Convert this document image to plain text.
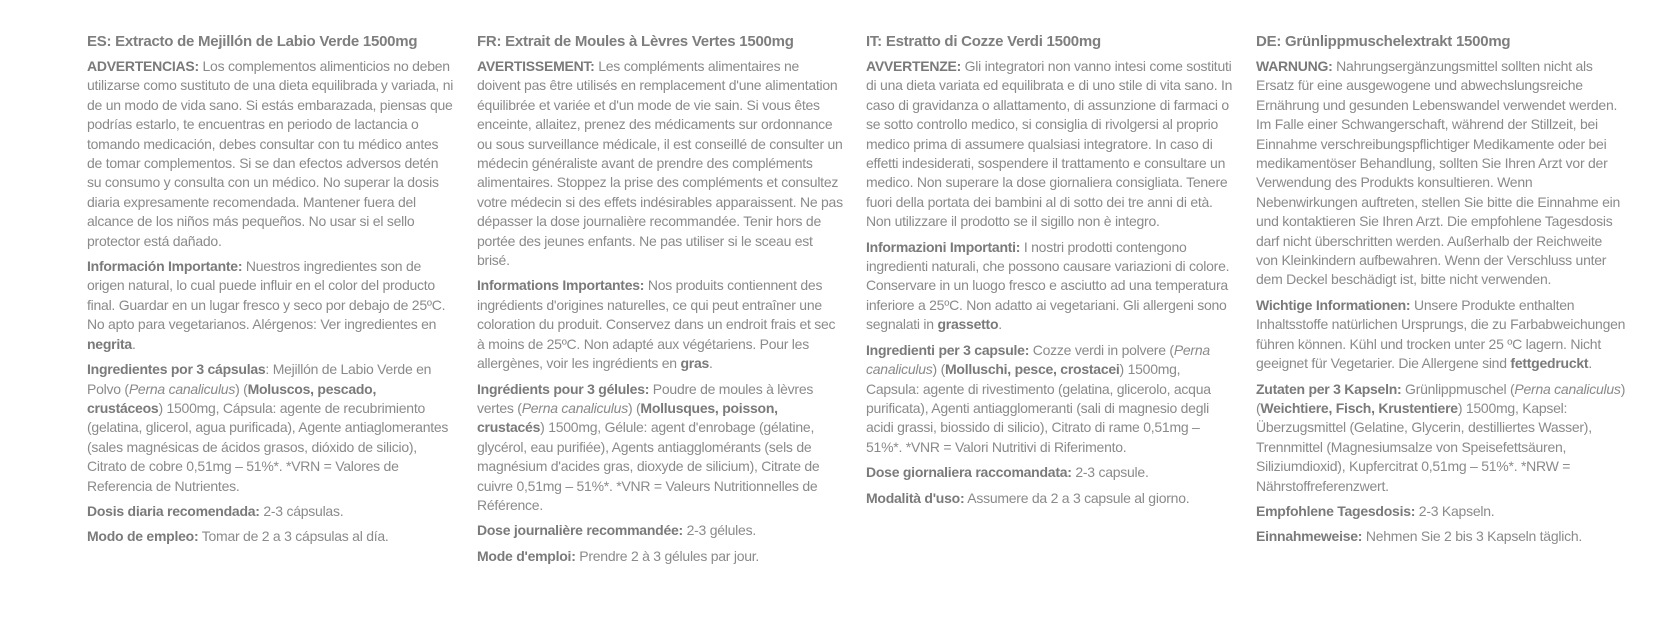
ES: Extracto de Mejillón de Labio Verde 1500mg
ADVERTENCIAS: Los complementos alimenticios no deben utilizarse como sustituto de una dieta equilibrada y variada, ni de un modo de vida sano. Si estás embarazada, piensas que podrías estarlo, te encuentras en periodo de lactancia o tomando medicación, debes consultar con tu médico antes de tomar complementos. Si se dan efectos adversos detén su consumo y consulta con un médico. No superar la dosis diaria expresamente recomendada. Mantener fuera del alcance de los niños más pequeños. No usar si el sello protector está dañado.
Información Importante: Nuestros ingredientes son de origen natural, lo cual puede influir en el color del producto final. Guardar en un lugar fresco y seco por debajo de 25ºC. No apto para vegetarianos. Alérgenos: Ver ingredientes en negrita.
Ingredientes por 3 cápsulas: Mejillón de Labio Verde en Polvo (Perna canaliculus) (Moluscos, pescado, crustáceos) 1500mg, Cápsula: agente de recubrimiento (gelatina, glicerol, agua purificada), Agente antiaglomerantes (sales magnésicas de ácidos grasos, dióxido de silicio), Citrato de cobre 0,51mg – 51%*. *VRN = Valores de Referencia de Nutrientes.
Dosis diaria recomendada: 2-3 cápsulas.
Modo de empleo: Tomar de 2 a 3 cápsulas al día.
FR: Extrait de Moules à Lèvres Vertes 1500mg
AVERTISSEMENT: Les compléments alimentaires ne doivent pas être utilisés en remplacement d'une alimentation équilibrée et variée et d'un mode de vie sain. Si vous êtes enceinte, allaitez, prenez des médicaments sur ordonnance ou sous surveillance médicale, il est conseillé de consulter un médecin généraliste avant de prendre des compléments alimentaires. Stoppez la prise des compléments et consultez votre médecin si des effets indésirables apparaissent. Ne pas dépasser la dose journalière recommandée. Tenir hors de portée des jeunes enfants. Ne pas utiliser si le sceau est brisé.
Informations Importantes: Nos produits contiennent des ingrédients d'origines naturelles, ce qui peut entraîner une coloration du produit. Conservez dans un endroit frais et sec à moins de 25ºC. Non adapté aux végétariens. Pour les allergènes, voir les ingrédients en gras.
Ingrédients pour 3 gélules: Poudre de moules à lèvres vertes (Perna canaliculus) (Mollusques, poisson, crustacés) 1500mg, Gélule: agent d'enrobage (gélatine, glycérol, eau purifiée), Agents antiagglomérants (sels de magnésium d'acides gras, dioxyde de silicium), Citrate de cuivre 0,51mg – 51%*. *VNR = Valeurs Nutritionnelles de Référence.
Dose journalière recommandée: 2-3 gélules.
Mode d'emploi: Prendre 2 à 3 gélules par jour.
IT: Estratto di Cozze Verdi 1500mg
AVVERTENZE: Gli integratori non vanno intesi come sostituti di una dieta variata ed equilibrata e di uno stile di vita sano. In caso di gravidanza o allattamento, di assunzione di farmaci o se sotto controllo medico, si consiglia di rivolgersi al proprio medico prima di assumere qualsiasi integratore. In caso di effetti indesiderati, sospendere il trattamento e consultare un medico. Non superare la dose giornaliera consigliata. Tenere fuori della portata dei bambini al di sotto dei tre anni di età. Non utilizzare il prodotto se il sigillo non è integro.
Informazioni Importanti: I nostri prodotti contengono ingredienti naturali, che possono causare variazioni di colore. Conservare in un luogo fresco e asciutto ad una temperatura inferiore a 25ºC. Non adatto ai vegetariani. Gli allergeni sono segnalati in grassetto.
Ingredienti per 3 capsule: Cozze verdi in polvere (Perna canaliculus) (Molluschi, pesce, crostacei) 1500mg, Capsula: agente di rivestimento (gelatina, glicerolo, acqua purificata), Agenti antiagglomeranti (sali di magnesio degli acidi grassi, biossido di silicio), Citrato di rame 0,51mg – 51%*. *VNR = Valori Nutritivi di Riferimento.
Dose giornaliera raccomandata: 2-3 capsule.
Modalità d'uso: Assumere da 2 a 3 capsule al giorno.
DE: Grünlippmuschelextrakt 1500mg
WARNUNG: Nahrungsergänzungsmittel sollten nicht als Ersatz für eine ausgewogene und abwechslungsreiche Ernährung und gesunden Lebenswandel verwendet werden. Im Falle einer Schwangerschaft, während der Stillzeit, bei Einnahme verschreibungspflichtiger Medikamente oder bei medikamentöser Behandlung, sollten Sie Ihren Arzt vor der Verwendung des Produkts konsultieren. Wenn Nebenwirkungen auftreten, stellen Sie bitte die Einnahme ein und kontaktieren Sie Ihren Arzt. Die empfohlene Tagesdosis darf nicht überschritten werden. Außerhalb der Reichweite von Kleinkindern aufbewahren. Wenn der Verschluss unter dem Deckel beschädigt ist, bitte nicht verwenden.
Wichtige Informationen: Unsere Produkte enthalten Inhaltsstoffe natürlichen Ursprungs, die zu Farbabweichungen führen können. Kühl und trocken unter 25 ºC lagern. Nicht geeignet für Vegetarier. Die Allergene sind fettgedruckt.
Zutaten per 3 Kapseln: Grünlippmuschel (Perna canaliculus) (Weichtiere, Fisch, Krustentiere) 1500mg, Kapsel: Überzugsmittel (Gelatine, Glycerin, destilliertes Wasser), Trennmittel (Magnesiumsalze von Speisefettsäuren, Siliziumdioxid), Kupfercitrat 0,51mg – 51%*. *NRW = Nährstoffreferenzwert.
Empfohlene Tagesdosis: 2-3 Kapseln.
Einnahmeweise: Nehmen Sie 2 bis 3 Kapseln täglich.
